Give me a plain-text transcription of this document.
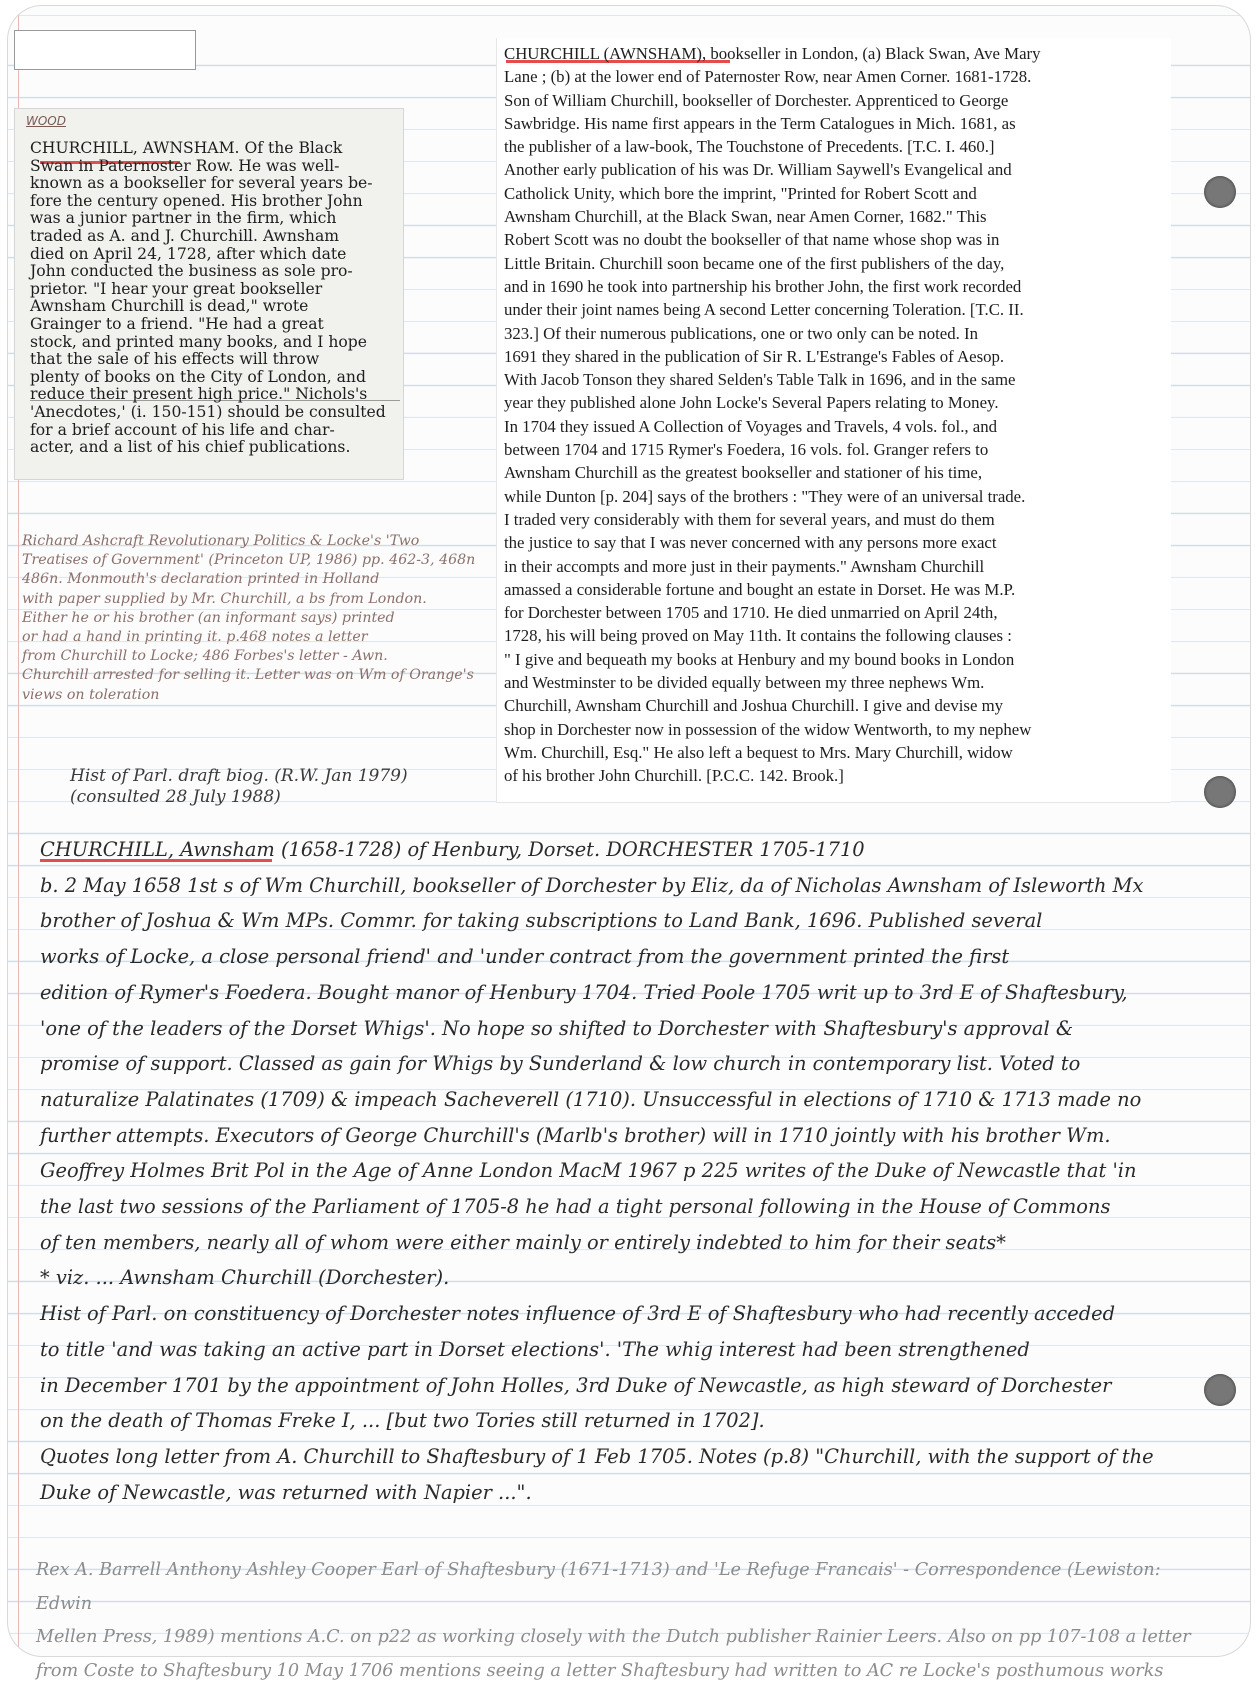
WOOD

CHURCHILL, AWNSHAM. Of the Black
Swan in Paternoster Row. He was well-
known as a bookseller for several years be-
fore the century opened. His brother John
was a junior partner in the firm, which
traded as A. and J. Churchill. Awnsham
died on April 24, 1728, after which date
John conducted the business as sole pro-
prietor. "I hear your great bookseller
Awnsham Churchill is dead," wrote
Grainger to a friend. "He had a great
stock, and printed many books, and I hope
that the sale of his effects will throw
plenty of books on the City of London, and
reduce their present high price." Nichols's
'Anecdotes,' (i. 150-151) should be consulted
for a brief account of his life and char-
acter, and a list of his chief publications.

CHURCHILL (AWNSHAM), bookseller in London, (a) Black Swan, Ave Mary
Lane ; (b) at the lower end of Paternoster Row, near Amen Corner. 1681-1728.
Son of William Churchill, bookseller of Dorchester. Apprenticed to George
Sawbridge. His name first appears in the Term Catalogues in Mich. 1681, as
the publisher of a law-book, The Touchstone of Precedents. [T.C. I. 460.]
Another early publication of his was Dr. William Saywell's Evangelical and
Catholick Unity, which bore the imprint, "Printed for Robert Scott and
Awnsham Churchill, at the Black Swan, near Amen Corner, 1682." This
Robert Scott was no doubt the bookseller of that name whose shop was in
Little Britain. Churchill soon became one of the first publishers of the day,
and in 1690 he took into partnership his brother John, the first work recorded
under their joint names being A second Letter concerning Toleration. [T.C. II.
323.] Of their numerous publications, one or two only can be noted. In
1691 they shared in the publication of Sir R. L'Estrange's Fables of Aesop.
With Jacob Tonson they shared Selden's Table Talk in 1696, and in the same
year they published alone John Locke's Several Papers relating to Money.
In 1704 they issued A Collection of Voyages and Travels, 4 vols. fol., and
between 1704 and 1715 Rymer's Foedera, 16 vols. fol. Granger refers to
Awnsham Churchill as the greatest bookseller and stationer of his time,
while Dunton [p. 204] says of the brothers : "They were of an universal trade.
I traded very considerably with them for several years, and must do them
the justice to say that I was never concerned with any persons more exact
in their accompts and more just in their payments." Awnsham Churchill
amassed a considerable fortune and bought an estate in Dorset. He was M.P.
for Dorchester between 1705 and 1710. He died unmarried on April 24th,
1728, his will being proved on May 11th. It contains the following clauses :
" I give and bequeath my books at Henbury and my bound books in London
and Westminster to be divided equally between my three nephews Wm.
Churchill, Awnsham Churchill and Joshua Churchill. I give and devise my
shop in Dorchester now in possession of the widow Wentworth, to my nephew
Wm. Churchill, Esq." He also left a bequest to Mrs. Mary Churchill, widow
of his brother John Churchill. [P.C.C. 142. Brook.]

Richard Ashcraft Revolutionary Politics & Locke's 'Two
Treatises of Government' (Princeton UP, 1986) pp. 462-3, 468n
486n. Monmouth's declaration printed in Holland
with paper supplied by Mr. Churchill, a bs from London.
Either he or his brother (an informant says) printed
or had a hand in printing it. p.468 notes a letter
from Churchill to Locke; 486 Forbes's letter - Awn.
Churchill arrested for selling it. Letter was on Wm of Orange's
views on toleration

Hist of Parl. draft biog. (R.W. Jan 1979)
(consulted 28 July 1988)

CHURCHILL, Awnsham (1658-1728) of Henbury, Dorset. DORCHESTER 1705-1710
b. 2 May 1658 1st s of Wm Churchill, bookseller of Dorchester by Eliz, da of Nicholas Awnsham of Isleworth Mx
brother of Joshua & Wm MPs. Commr. for taking subscriptions to Land Bank, 1696. Published several
works of Locke, a close personal friend' and 'under contract from the government printed the first
edition of Rymer's Foedera. Bought manor of Henbury 1704. Tried Poole 1705 writ up to 3rd E of Shaftesbury,
'one of the leaders of the Dorset Whigs'. No hope so shifted to Dorchester with Shaftesbury's approval &
promise of support. Classed as gain for Whigs by Sunderland & low church in contemporary list. Voted to
naturalize Palatinates (1709) & impeach Sacheverell (1710). Unsuccessful in elections of 1710 & 1713 made no
further attempts. Executors of George Churchill's (Marlb's brother) will in 1710 jointly with his brother Wm.
Geoffrey Holmes Brit Pol in the Age of Anne London MacM 1967 p 225 writes of the Duke of Newcastle that 'in
the last two sessions of the Parliament of 1705-8 he had a tight personal following in the House of Commons
of ten members, nearly all of whom were either mainly or entirely indebted to him for their seats*
* viz. ... Awnsham Churchill (Dorchester).
Hist of Parl. on constituency of Dorchester notes influence of 3rd E of Shaftesbury who had recently acceded
to title 'and was taking an active part in Dorset elections'. 'The whig interest had been strengthened
in December 1701 by the appointment of John Holles, 3rd Duke of Newcastle, as high steward of Dorchester
on the death of Thomas Freke I, ... [but two Tories still returned in 1702].
Quotes long letter from A. Churchill to Shaftesbury of 1 Feb 1705. Notes (p.8) "Churchill, with the support of the
Duke of Newcastle, was returned with Napier ...".

Rex A. Barrell Anthony Ashley Cooper Earl of Shaftesbury (1671-1713) and 'Le Refuge Francais' - Correspondence (Lewiston: Edwin
Mellen Press, 1989) mentions A.C. on p22 as working closely with the Dutch publisher Rainier Leers. Also on pp 107-108 a letter
from Coste to Shaftesbury 10 May 1706 mentions seeing a letter Shaftesbury had written to AC re Locke's posthumous works
